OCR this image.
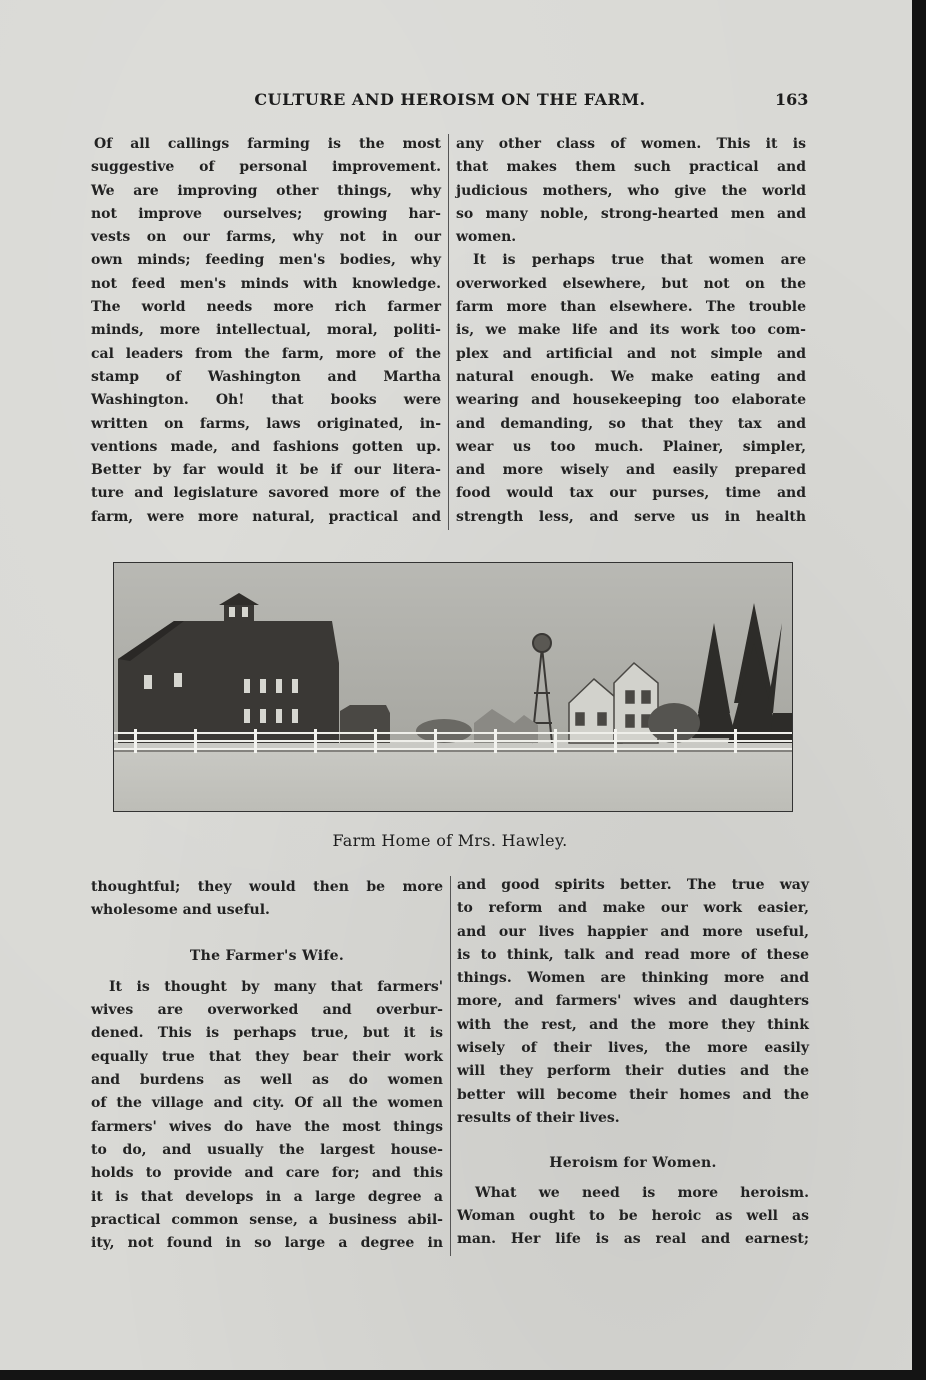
CULTURE AND HEROISM ON THE FARM.	163

Of all callings farming is the most

suggestive of personal improvement.

We are improving other things, why

not improve ourselves; growing har-

vests on our farms, why not in our

own minds; feeding men's bodies, why

not feed men's minds with knowledge.

The world needs more rich farmer

minds, more intellectual, moral, politi-

cal leaders from the farm, more of the

stamp of Washington and Martha

Washington. Oh! that books were

written on farms, laws originated, in-

ventions made, and fashions gotten up.

Better by far would it be if our litera-

ture and legislature savored more of the

farm, were more natural, practical and

any other class of women. This it is

that makes them such practical and

judicious mothers, who give the world

so many noble, strong-hearted men and

women.

It is perhaps true that women are

overworked elsewhere, but not on the

farm more than elsewhere. The trouble

is, we make life and its work too com-

plex and artificial and not simple and

natural enough. We make eating and

wearing and housekeeping too elaborate

and demanding, so that they tax and

wear us too much. Plainer, simpler,

and more wisely and easily prepared

food would tax our purses, time and

strength less, and serve us in health

Farm Home of Mrs. Hawley.

thoughtful; they would then be more

wholesome and useful.

The Farmer's Wife.

It is thought by many that farmers'

wives are overworked and overbur-

dened. This is perhaps true, but it is

equally true that they bear their work

and burdens as well as do women

of the village and city. Of all the women

farmers' wives do have the most things

to do, and usually the largest house-

holds to provide and care for; and this

it is that develops in a large degree a

practical common sense, a business abil-

ity, not found in so large a degree in

and good spirits better. The true way

to reform and make our work easier,

and our lives happier and more useful,

is to think, talk and read more of these

things. Women are thinking more and

more, and farmers' wives and daughters

with the rest, and the more they think

wisely of their lives, the more easily

will they perform their duties and the

better will become their homes and the

results of their lives.

Heroism for Women.

What we need is more heroism.

Woman ought to be heroic as well as

man. Her life is as real and earnest;
